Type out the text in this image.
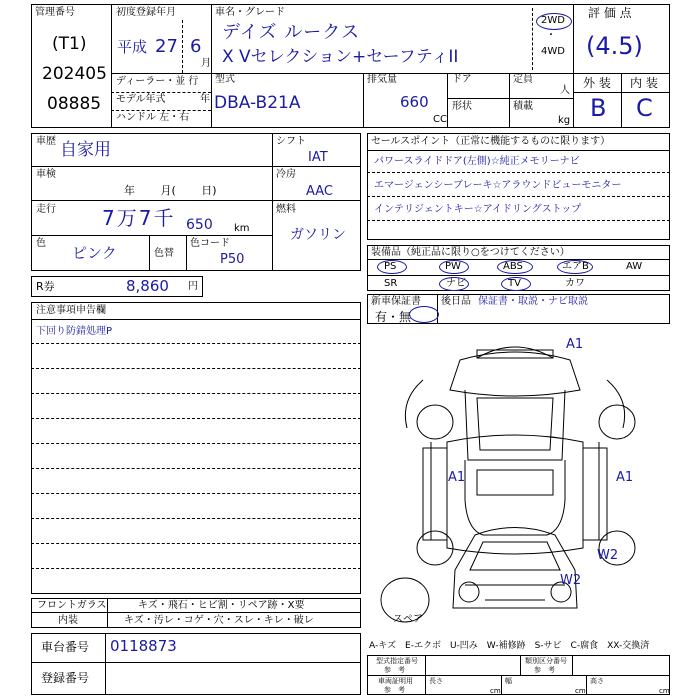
管理番号
(T1)
202405
08885
初度登録年月
平成 27 6
月
車名・グレード
デイズ ルークス
X Vセレクション+セーフティII
2WD
・
4WD
評 価 点
(4.5)
外 装 内 装
B C
ディーラー・並 行
モデル年式	年
ハンドル 左・右
型式
DBA-B21A
排気量
660
CC
ドア
形状
定員
人
積載
kg
車歴 自家用
車検
年　　 月(　　 日)
走行 7万7千 650 km
色
ピンク	色替
色コード
P50
シフト
IAT
冷房
AAC
燃料
ガソリン
R券	8,860 円
セールスポイント（正常に機能するものに限ります）
パワースライドドア(左側)☆純正メモリーナビ
エマージェンシーブレーキ☆アラウンドビューモニター
インテリジェントキー☆アイドリングストップ
装備品（純正品に限り○をつけてください）
PS	PW	ABS	エアB	AW
SR	ナビ	TV	カワ
新車保証書
有・無
後日品 保証書・取説・ナビ取説
注意事項申告欄
下回り防錆処理P
A1
A1	A1
W2
W2
スペア
フロントガラス	キズ・飛石・ヒビ割・リペア跡・X要
内装	キズ・汚レ・コゲ・穴・スレ・キレ・破レ
車台番号 0118873
登録番号
A-キズ　E-エクボ　U-凹み　W-補修跡　S-サビ　C-腐食　XX-交換済
型式指定番号
参　考
類別区分番号
参　考
車両証明用
参　考
長さ
cm
幅
cm
高さ
cm
